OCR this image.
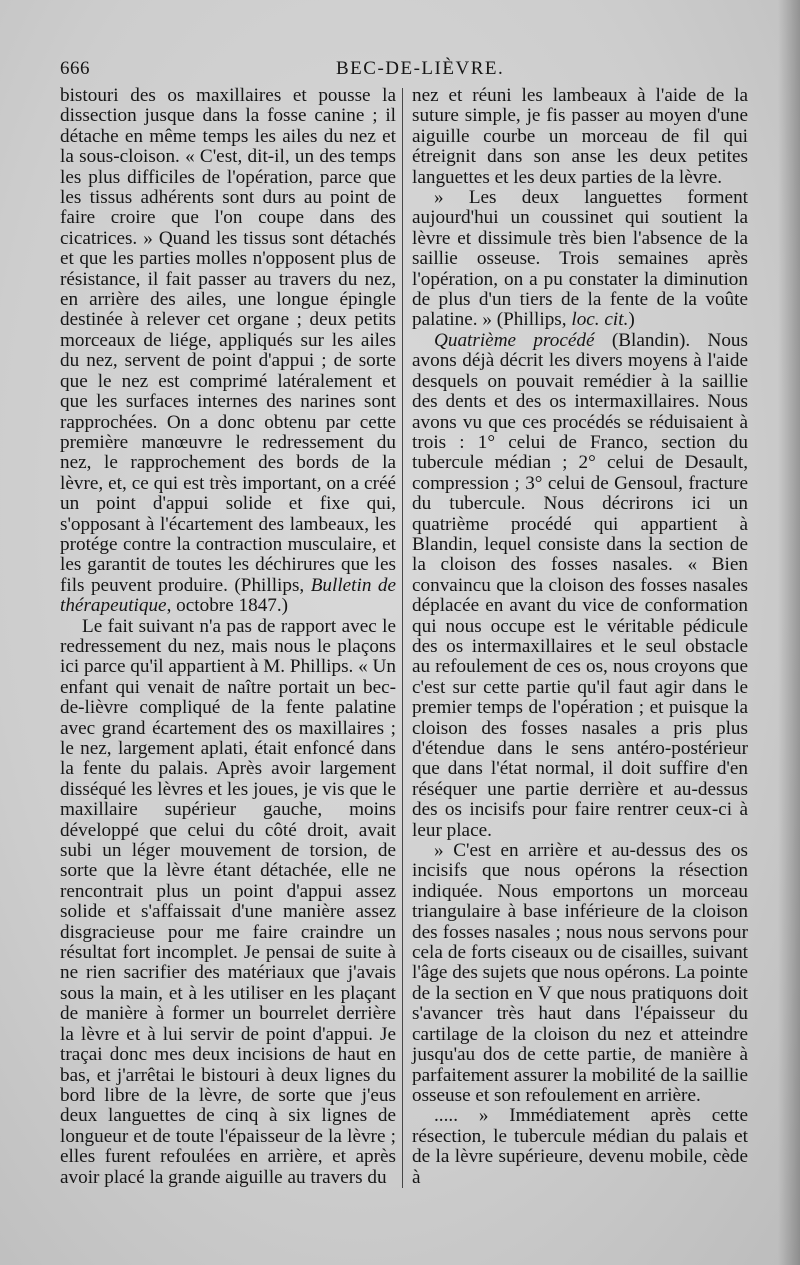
666	BEC-DE-LIÈVRE.

bistouri des os maxillaires et pousse la dissection jusque dans la fosse canine ; il détache en même temps les ailes du nez et la sous-cloison. « C'est, dit-il, un des temps les plus difficiles de l'opération, parce que les tissus adhérents sont durs au point de faire croire que l'on coupe dans des cicatrices. » Quand les tissus sont détachés et que les parties molles n'opposent plus de résistance, il fait passer au travers du nez, en arrière des ailes, une longue épingle destinée à relever cet organe ; deux petits morceaux de liége, appliqués sur les ailes du nez, servent de point d'appui ; de sorte que le nez est comprimé latéralement et que les surfaces internes des narines sont rapprochées. On a donc obtenu par cette première manœuvre le redressement du nez, le rapprochement des bords de la lèvre, et, ce qui est très important, on a créé un point d'appui solide et fixe qui, s'opposant à l'écartement des lambeaux, les protége contre la contraction musculaire, et les garantit de toutes les déchirures que les fils peuvent produire. (Phillips, Bulletin de thérapeutique, octobre 1847.)

Le fait suivant n'a pas de rapport avec le redressement du nez, mais nous le plaçons ici parce qu'il appartient à M. Phillips. « Un enfant qui venait de naître portait un bec-de-lièvre compliqué de la fente palatine avec grand écartement des os maxillaires ; le nez, largement aplati, était enfoncé dans la fente du palais. Après avoir largement disséqué les lèvres et les joues, je vis que le maxillaire supérieur gauche, moins développé que celui du côté droit, avait subi un léger mouvement de torsion, de sorte que la lèvre étant détachée, elle ne rencontrait plus un point d'appui assez solide et s'affaissait d'une manière assez disgracieuse pour me faire craindre un résultat fort incomplet. Je pensai de suite à ne rien sacrifier des matériaux que j'avais sous la main, et à les utiliser en les plaçant de manière à former un bourrelet derrière la lèvre et à lui servir de point d'appui. Je traçai donc mes deux incisions de haut en bas, et j'arrêtai le bistouri à deux lignes du bord libre de la lèvre, de sorte que j'eus deux languettes de cinq à six lignes de longueur et de toute l'épaisseur de la lèvre ; elles furent refoulées en arrière, et après avoir placé la grande aiguille au travers du

nez et réuni les lambeaux à l'aide de la suture simple, je fis passer au moyen d'une aiguille courbe un morceau de fil qui étreignit dans son anse les deux petites languettes et les deux parties de la lèvre.

» Les deux languettes forment aujourd'hui un coussinet qui soutient la lèvre et dissimule très bien l'absence de la saillie osseuse. Trois semaines après l'opération, on a pu constater la diminution de plus d'un tiers de la fente de la voûte palatine. » (Phillips, loc. cit.)

Quatrième procédé (Blandin). Nous avons déjà décrit les divers moyens à l'aide desquels on pouvait remédier à la saillie des dents et des os intermaxillaires. Nous avons vu que ces procédés se réduisaient à trois : 1° celui de Franco, section du tubercule médian ; 2° celui de Desault, compression ; 3° celui de Gensoul, fracture du tubercule. Nous décrirons ici un quatrième procédé qui appartient à Blandin, lequel consiste dans la section de la cloison des fosses nasales. « Bien convaincu que la cloison des fosses nasales déplacée en avant du vice de conformation qui nous occupe est le véritable pédicule des os intermaxillaires et le seul obstacle au refoulement de ces os, nous croyons que c'est sur cette partie qu'il faut agir dans le premier temps de l'opération ; et puisque la cloison des fosses nasales a pris plus d'étendue dans le sens antéro-postérieur que dans l'état normal, il doit suffire d'en réséquer une partie derrière et au-dessus des os incisifs pour faire rentrer ceux-ci à leur place.

» C'est en arrière et au-dessus des os incisifs que nous opérons la résection indiquée. Nous emportons un morceau triangulaire à base inférieure de la cloison des fosses nasales ; nous nous servons pour cela de forts ciseaux ou de cisailles, suivant l'âge des sujets que nous opérons. La pointe de la section en V que nous pratiquons doit s'avancer très haut dans l'épaisseur du cartilage de la cloison du nez et atteindre jusqu'au dos de cette partie, de manière à parfaitement assurer la mobilité de la saillie osseuse et son refoulement en arrière.

..... » Immédiatement après cette résection, le tubercule médian du palais et de la lèvre supérieure, devenu mobile, cède à
